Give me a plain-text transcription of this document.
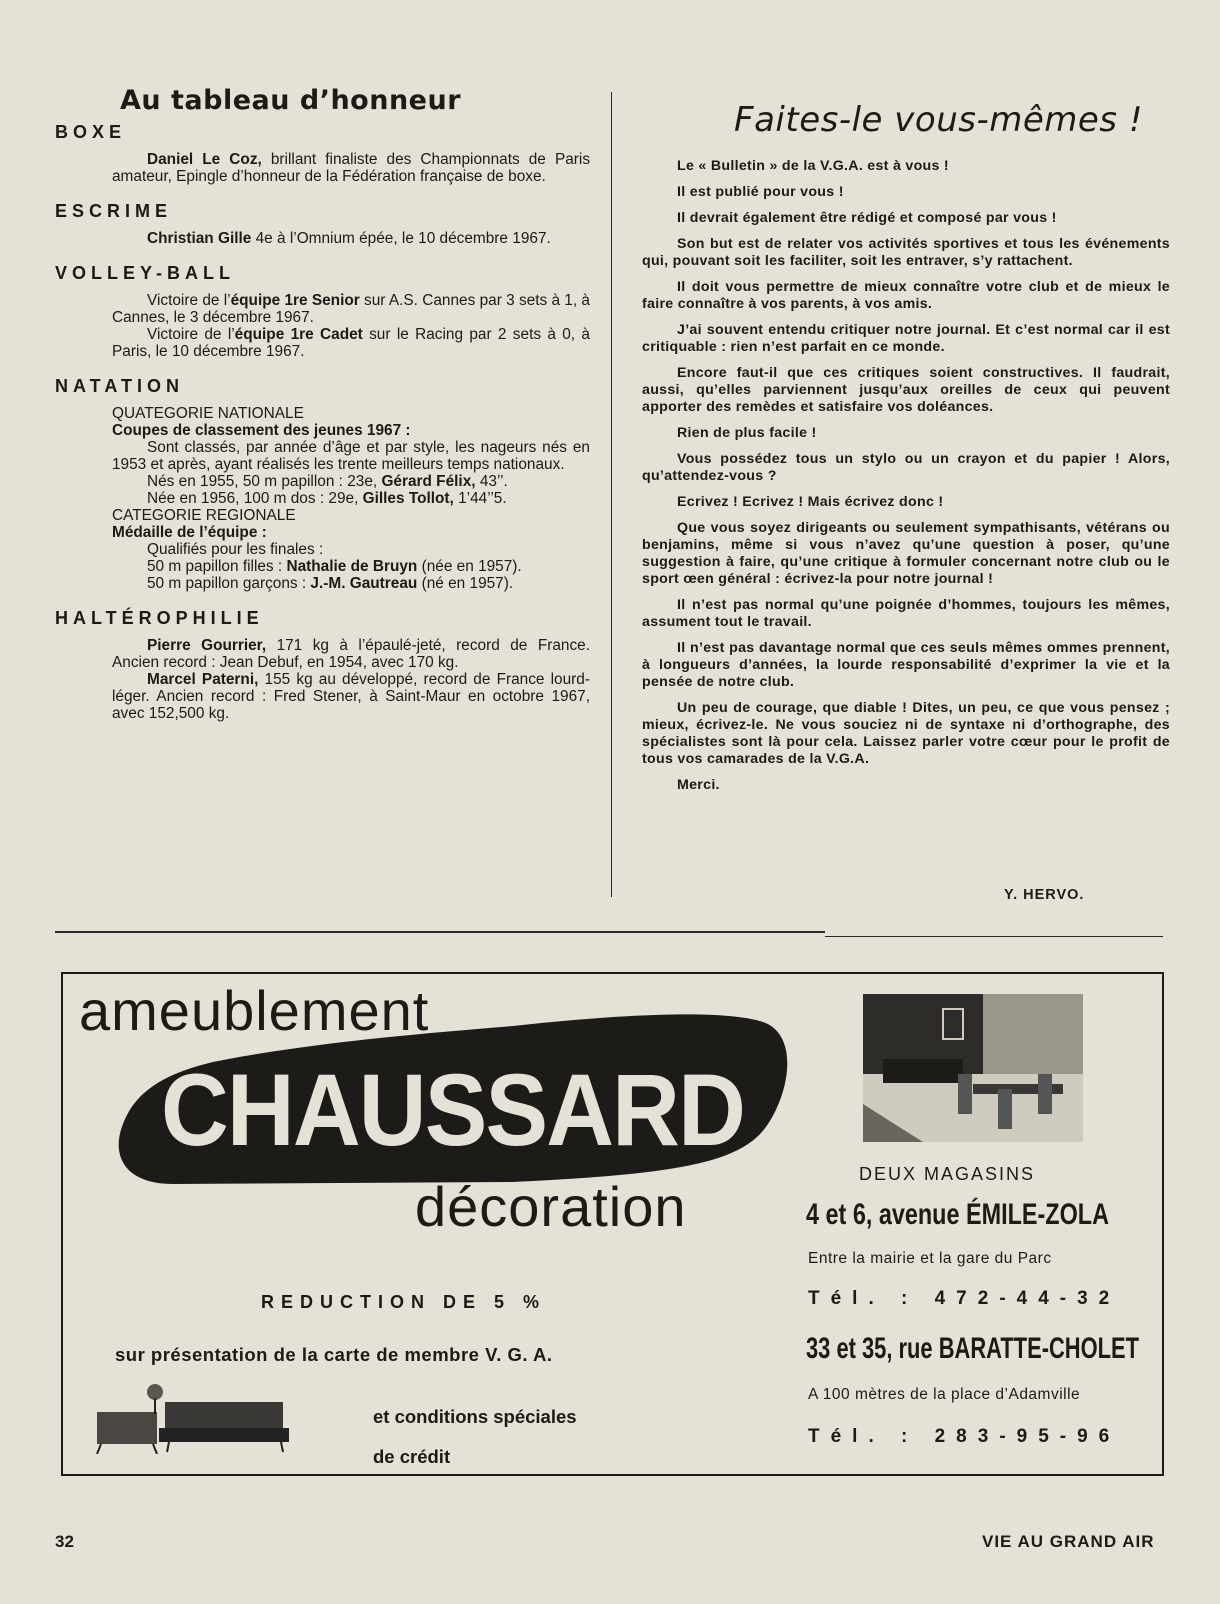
Au tableau d’honneur
BOXE

Daniel Le Coz, brillant finaliste des Championnats de Paris amateur, Epingle d’honneur de la Fédération française de boxe.

ESCRIME

Christian Gille 4e à l’Omnium épée, le 10 décembre 1967.

VOLLEY-BALL

Victoire de l’équipe 1re Senior sur A.S. Cannes par 3 sets à 1, à Cannes, le 3 décembre 1967.

Victoire de l’équipe 1re Cadet sur le Racing par 2 sets à 0, à Paris, le 10 décembre 1967.

NATATION
QUATEGORIE NATIONALE
Coupes de classement des jeunes 1967 :

Sont classés, par année d’âge et par style, les nageurs nés en 1953 et après, ayant réalisés les trente meilleurs temps nationaux.

Nés en 1955, 50 m papillon : 23e, Gérard Félix, 43’’.
Née en 1956, 100 m dos : 29e, Gilles Tollot, 1’44’’5.
CATEGORIE REGIONALE
Médaille de l’équipe :
Qualifiés pour les finales :

50 m papillon filles : Nathalie de Bruyn (née en 1957).

50 m papillon garçons : J.-M. Gautreau (né en 1957).

HALTÉROPHILIE

Pierre Gourrier, 171 kg à l’épaulé-jeté, record de France. Ancien record : Jean Debuf, en 1954, avec 170 kg.

Marcel Paterni, 155 kg au développé, record de France lourd-léger. Ancien record : Fred Stener, à Saint-Maur en octobre 1967, avec 152,500 kg.

Faites-le vous-mêmes !

Le « Bulletin » de la V.G.A. est à vous !

Il est publié pour vous !

Il devrait également être rédigé et composé par vous !

Son but est de relater vos activités sportives et tous les événements qui, pouvant soit les faciliter, soit les entraver, s’y rattachent.

Il doit vous permettre de mieux connaître votre club et de mieux le faire connaître à vos parents, à vos amis.

J’ai souvent entendu critiquer notre journal. Et c’est normal car il est critiquable : rien n’est parfait en ce monde.

Encore faut-il que ces critiques soient constructives. Il faudrait, aussi, qu’elles parviennent jusqu’aux oreilles de ceux qui peuvent apporter des remèdes et satisfaire vos doléances.

Rien de plus facile !

Vous possédez tous un stylo ou un crayon et du papier ! Alors, qu’attendez-vous ?

Ecrivez ! Ecrivez ! Mais écrivez donc !

Que vous soyez dirigeants ou seulement sympathisants, vétérans ou benjamins, même si vous n’avez qu’une question à poser, qu’une suggestion à faire, qu’une critique à formuler concernant notre club ou le sport œen général : écrivez-la pour notre journal !

Il n’est pas normal qu’une poignée d’hommes, toujours les mêmes, assument tout le travail.

Il n’est pas davantage normal que ces seuls mêmes ommes prennent, à longueurs d’années, la lourde responsabilité d’exprimer la vie et la pensée de notre club.

Un peu de courage, que diable ! Dites, un peu, ce que vous pensez ; mieux, écrivez-le. Ne vous souciez ni de syntaxe ni d’orthographe, des spécialistes sont là pour cela. Laissez parler votre cœur pour le profit de tous vos camarades de la V.G.A.

Merci.

Y. HERVO.
ameublement
CHAUSSARD
décoration
REDUCTION DE 5 %
sur présentation de la carte de membre V. G. A.
et conditions spéciales
de crédit
DEUX MAGASINS
4 et 6, avenue ÉMILE-ZOLA
Entre la mairie et la gare du Parc
Tél. : 472-44-32
33 et 35, rue BARATTE-CHOLET
A 100 mètres de la place d’Adamville
Tél. : 283-95-96
32	VIE AU GRAND AIR
